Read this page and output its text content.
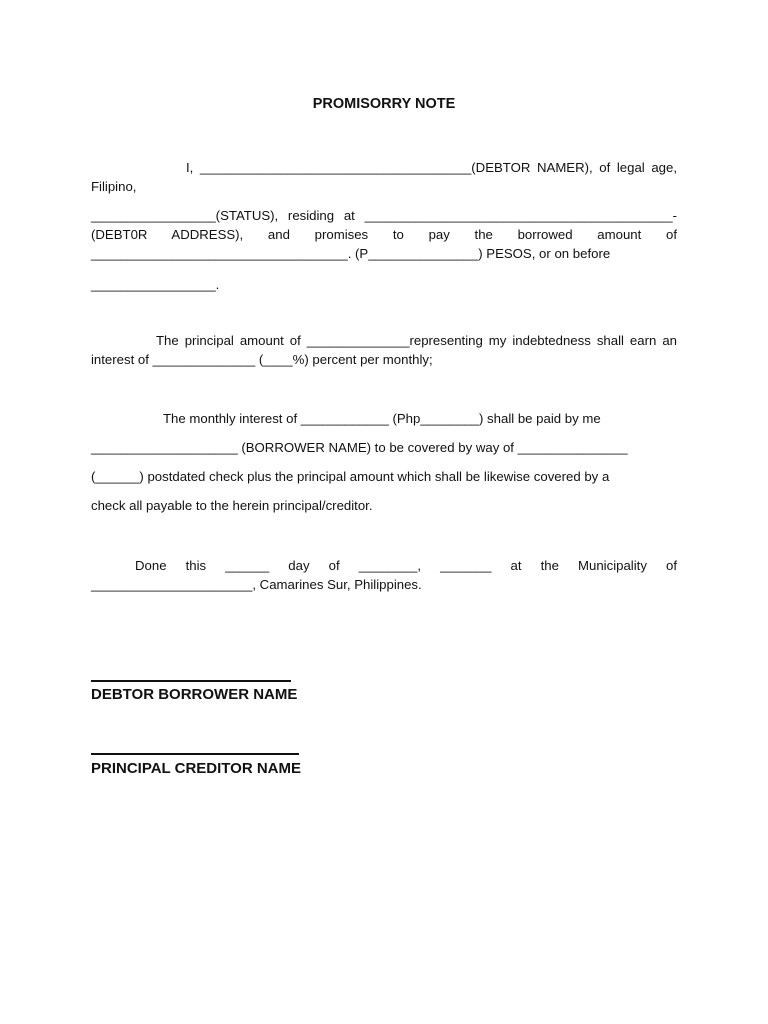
PROMISORRY NOTE
I, _____________________________________(DEBTOR NAMER), of legal age,
Filipino,
_________________(STATUS), residing at __________________________________________-
(DEBT0R ADDRESS), and promises to pay the borrowed amount of
___________________________________. (P_______________) PESOS, or on before
_________________.
The principal amount of ______________representing my indebtedness shall earn an
interest of ______________ (____%) percent per monthly;
The monthly interest of ____________ (Php________) shall be paid by me
____________________ (BORROWER NAME) to be covered by way of _______________
(______) postdated check plus the principal amount which shall be likewise covered by a
check all payable to the herein principal/creditor.
Done this ______ day of ________, _______ at the Municipality of
______________________, Camarines Sur, Philippines.
DEBTOR BORROWER NAME
PRINCIPAL CREDITOR NAME
